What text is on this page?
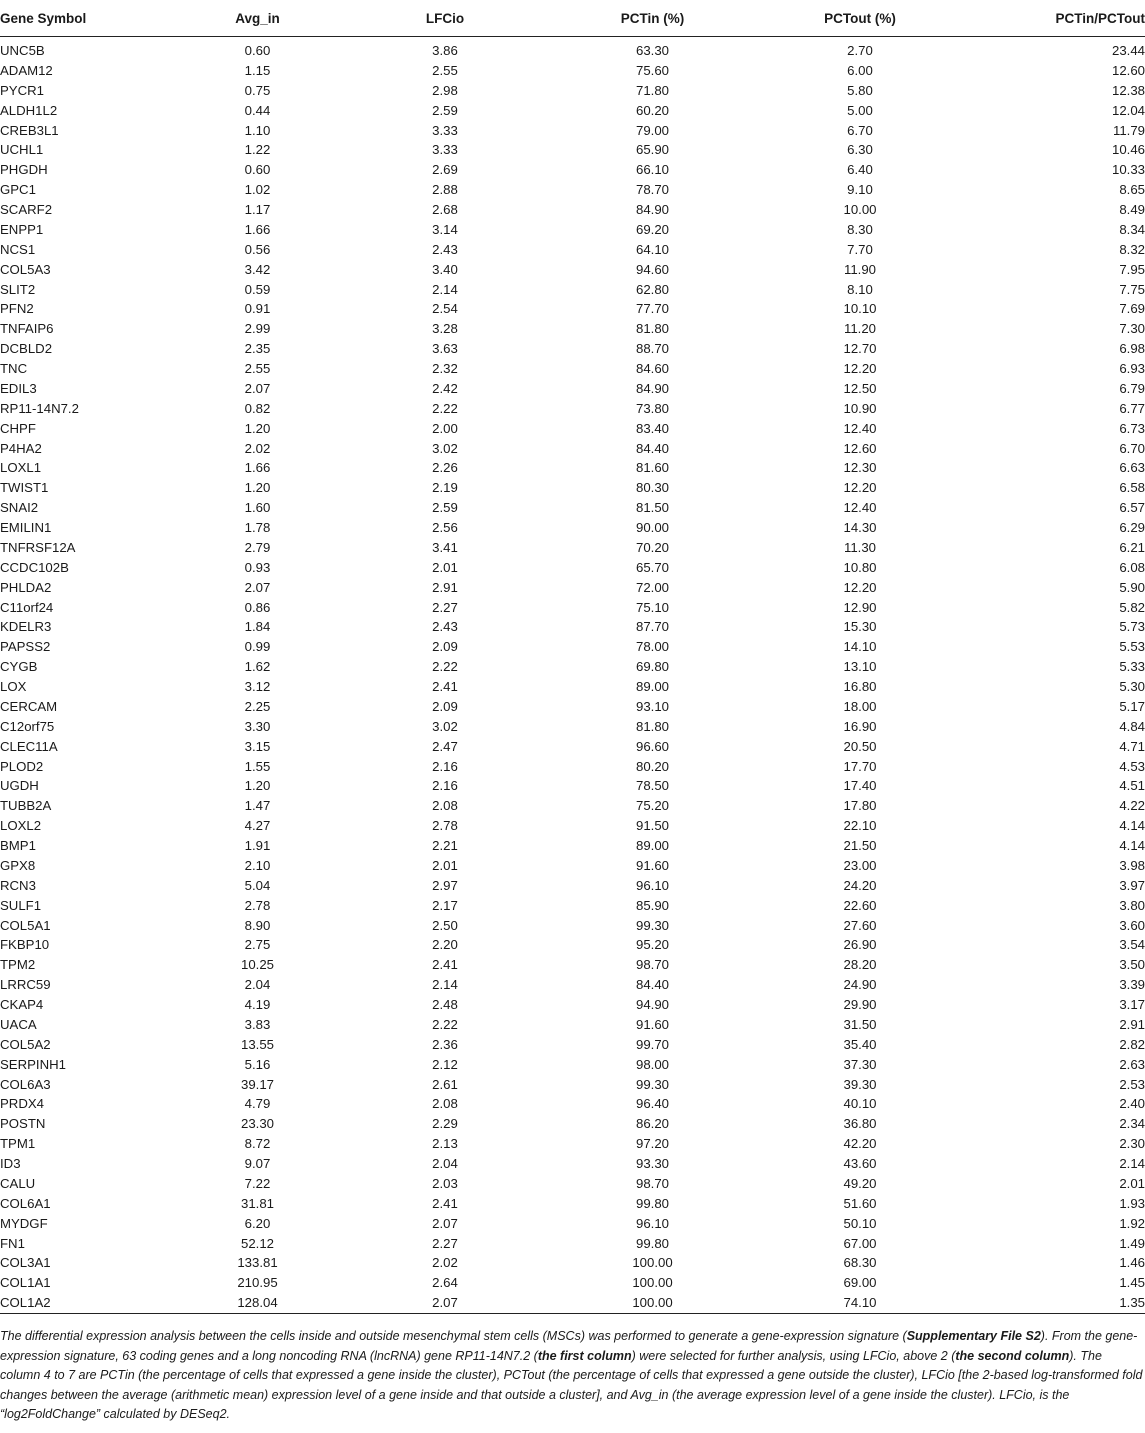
Gene Symbol	Avg_in	LFCio	PCTin (%)	PCTout (%)	PCTin/PCTout
UNC5B	0.60	3.86	63.30	2.70	23.44
ADAM12	1.15	2.55	75.60	6.00	12.60
PYCR1	0.75	2.98	71.80	5.80	12.38
ALDH1L2	0.44	2.59	60.20	5.00	12.04
CREB3L1	1.10	3.33	79.00	6.70	11.79
UCHL1	1.22	3.33	65.90	6.30	10.46
PHGDH	0.60	2.69	66.10	6.40	10.33
GPC1	1.02	2.88	78.70	9.10	8.65
SCARF2	1.17	2.68	84.90	10.00	8.49
ENPP1	1.66	3.14	69.20	8.30	8.34
NCS1	0.56	2.43	64.10	7.70	8.32
COL5A3	3.42	3.40	94.60	11.90	7.95
SLIT2	0.59	2.14	62.80	8.10	7.75
PFN2	0.91	2.54	77.70	10.10	7.69
TNFAIP6	2.99	3.28	81.80	11.20	7.30
DCBLD2	2.35	3.63	88.70	12.70	6.98
TNC	2.55	2.32	84.60	12.20	6.93
EDIL3	2.07	2.42	84.90	12.50	6.79
RP11-14N7.2	0.82	2.22	73.80	10.90	6.77
CHPF	1.20	2.00	83.40	12.40	6.73
P4HA2	2.02	3.02	84.40	12.60	6.70
LOXL1	1.66	2.26	81.60	12.30	6.63
TWIST1	1.20	2.19	80.30	12.20	6.58
SNAI2	1.60	2.59	81.50	12.40	6.57
EMILIN1	1.78	2.56	90.00	14.30	6.29
TNFRSF12A	2.79	3.41	70.20	11.30	6.21
CCDC102B	0.93	2.01	65.70	10.80	6.08
PHLDA2	2.07	2.91	72.00	12.20	5.90
C11orf24	0.86	2.27	75.10	12.90	5.82
KDELR3	1.84	2.43	87.70	15.30	5.73
PAPSS2	0.99	2.09	78.00	14.10	5.53
CYGB	1.62	2.22	69.80	13.10	5.33
LOX	3.12	2.41	89.00	16.80	5.30
CERCAM	2.25	2.09	93.10	18.00	5.17
C12orf75	3.30	3.02	81.80	16.90	4.84
CLEC11A	3.15	2.47	96.60	20.50	4.71
PLOD2	1.55	2.16	80.20	17.70	4.53
UGDH	1.20	2.16	78.50	17.40	4.51
TUBB2A	1.47	2.08	75.20	17.80	4.22
LOXL2	4.27	2.78	91.50	22.10	4.14
BMP1	1.91	2.21	89.00	21.50	4.14
GPX8	2.10	2.01	91.60	23.00	3.98
RCN3	5.04	2.97	96.10	24.20	3.97
SULF1	2.78	2.17	85.90	22.60	3.80
COL5A1	8.90	2.50	99.30	27.60	3.60
FKBP10	2.75	2.20	95.20	26.90	3.54
TPM2	10.25	2.41	98.70	28.20	3.50
LRRC59	2.04	2.14	84.40	24.90	3.39
CKAP4	4.19	2.48	94.90	29.90	3.17
UACA	3.83	2.22	91.60	31.50	2.91
COL5A2	13.55	2.36	99.70	35.40	2.82
SERPINH1	5.16	2.12	98.00	37.30	2.63
COL6A3	39.17	2.61	99.30	39.30	2.53
PRDX4	4.79	2.08	96.40	40.10	2.40
POSTN	23.30	2.29	86.20	36.80	2.34
TPM1	8.72	2.13	97.20	42.20	2.30
ID3	9.07	2.04	93.30	43.60	2.14
CALU	7.22	2.03	98.70	49.20	2.01
COL6A1	31.81	2.41	99.80	51.60	1.93
MYDGF	6.20	2.07	96.10	50.10	1.92
FN1	52.12	2.27	99.80	67.00	1.49
COL3A1	133.81	2.02	100.00	68.30	1.46
COL1A1	210.95	2.64	100.00	69.00	1.45
COL1A2	128.04	2.07	100.00	74.10	1.35
The differential expression analysis between the cells inside and outside mesenchymal stem cells (MSCs) was performed to generate a gene-expression signature (Supplementary File S2). From the gene-expression signature, 63 coding genes and a long noncoding RNA (lncRNA) gene RP11-14N7.2 (the first column) were selected for further analysis, using LFCio, above 2 (the second column). The column 4 to 7 are PCTin (the percentage of cells that expressed a gene inside the cluster), PCTout (the percentage of cells that expressed a gene outside the cluster), LFCio [the 2-based log-transformed fold changes between the average (arithmetic mean) expression level of a gene inside and that outside a cluster], and Avg_in (the average expression level of a gene inside the cluster). LFCio, is the “log2FoldChange” calculated by DESeq2.
